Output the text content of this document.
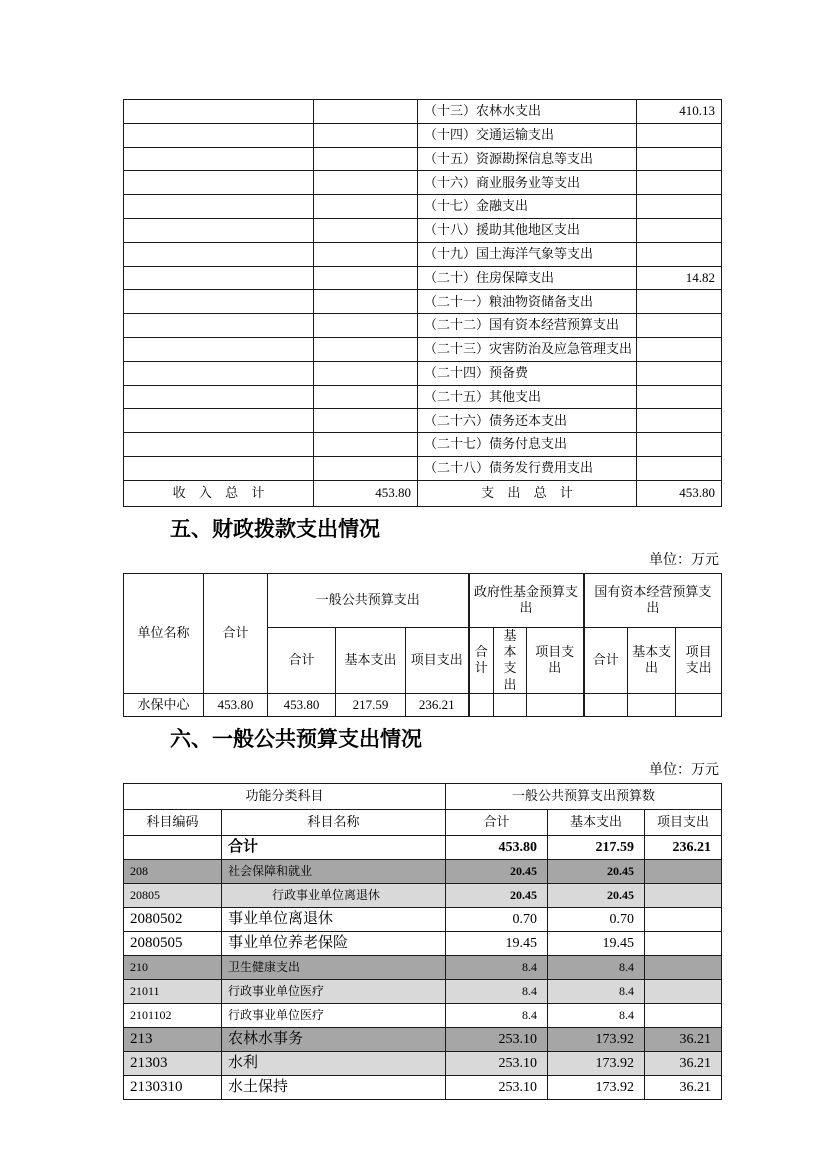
		（十三）农林水支出	410.13
		（十四）交通运输支出	
		（十五）资源勘探信息等支出	
		（十六）商业服务业等支出	
		（十七）金融支出	
		（十八）援助其他地区支出	
		（十九）国土海洋气象等支出	
		（二十）住房保障支出	14.82
		（二十一）粮油物资储备支出	
		（二十二）国有资本经营预算支出	
		（二十三）灾害防治及应急管理支出	
		（二十四）预备费	
		（二十五）其他支出	
		（二十六）债务还本支出	
		（二十七）债务付息支出	
		（二十八）债务发行费用支出	
收 入 总 计	453.80	支 出 总 计	453.80
五、财政拨款支出情况
单位：万元
单位名称	合计	一般公共预算支出			政府性基金预算支出			国有资本经营预算支出		
		合计	基本支出	项目支出	合计	基本支出	项目支出	合计	基本支出	项目支出
水保中心	453.80	453.80	217.59	236.21						
六、一般公共预算支出情况
单位：万元
功能分类科目		一般公共预算支出预算数		
科目编码	科目名称	合计	基本支出	项目支出
	合计	453.80	217.59	236.21
208	社会保障和就业	20.45	20.45	
20805	行政事业单位离退休	20.45	20.45	
2080502	事业单位离退休	0.70	0.70	
2080505	事业单位养老保险	19.45	19.45	
210	卫生健康支出	8.4	8.4	
21011	行政事业单位医疗	8.4	8.4	
2101102	行政事业单位医疗	8.4	8.4	
213	农林水事务	253.10	173.92	36.21
21303	水利	253.10	173.92	36.21
2130310	水土保持	253.10	173.92	36.21
